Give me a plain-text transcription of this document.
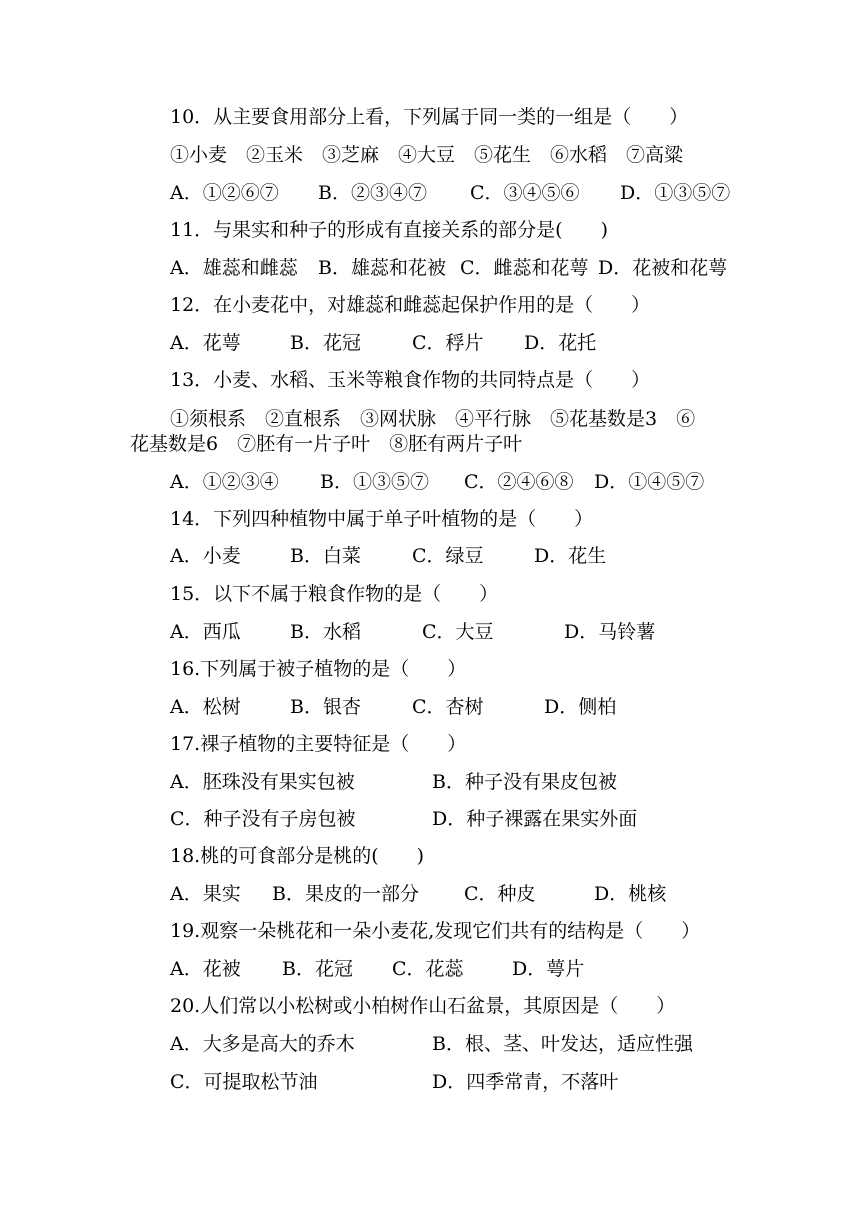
10．从主要食用部分上看，下列属于同一类的一组是（　　）
①小麦　②玉米　③芝麻　④大豆　⑤花生　⑥水稻　⑦高粱
A．①②⑥⑦ B．②③④⑦ C．③④⑤⑥ D．①③⑤⑦
11．与果实和种子的形成有直接关系的部分是(　　)
A．雄蕊和雌蕊 B．雄蕊和花被 C．雌蕊和花萼 D．花被和花萼
12．在小麦花中，对雄蕊和雌蕊起保护作用的是（　　）
A．花萼	B．花冠	C．稃片 D．花托
13．小麦、水稻、玉米等粮食作物的共同特点是（　　）
①须根系　②直根系　③网状脉　④平行脉　⑤花基数是3　⑥
花基数是6　⑦胚有一片子叶　⑧胚有两片子叶
A．①②③④ B．①③⑤⑦ C．②④⑥⑧ D．①④⑤⑦
14．下列四种植物中属于单子叶植物的是（　　）
A．小麦	B．白菜	C．绿豆	D．花生
15．以下不属于粮食作物的是（　　）
A．西瓜	B．水稻	C．大豆	D．马铃薯
16.下列属于被子植物的是（　　）
A．松树	B．银杏	C．杏树	D．侧柏
17.裸子植物的主要特征是（　　）
A．胚珠没有果实包被	B．种子没有果皮包被
C．种子没有子房包被	D．种子裸露在果实外面
18.桃的可食部分是桃的(　　)
A．果实 B．果皮的一部分 C．种皮	D．桃核
19.观察一朵桃花和一朵小麦花,发现它们共有的结构是（　　）
A．花被 B．花冠 C．花蕊	D．萼片
20.人们常以小松树或小柏树作山石盆景，其原因是（　　）
A．大多是高大的乔木	B．根、茎、叶发达，适应性强
C．可提取松节油	D．四季常青，不落叶
